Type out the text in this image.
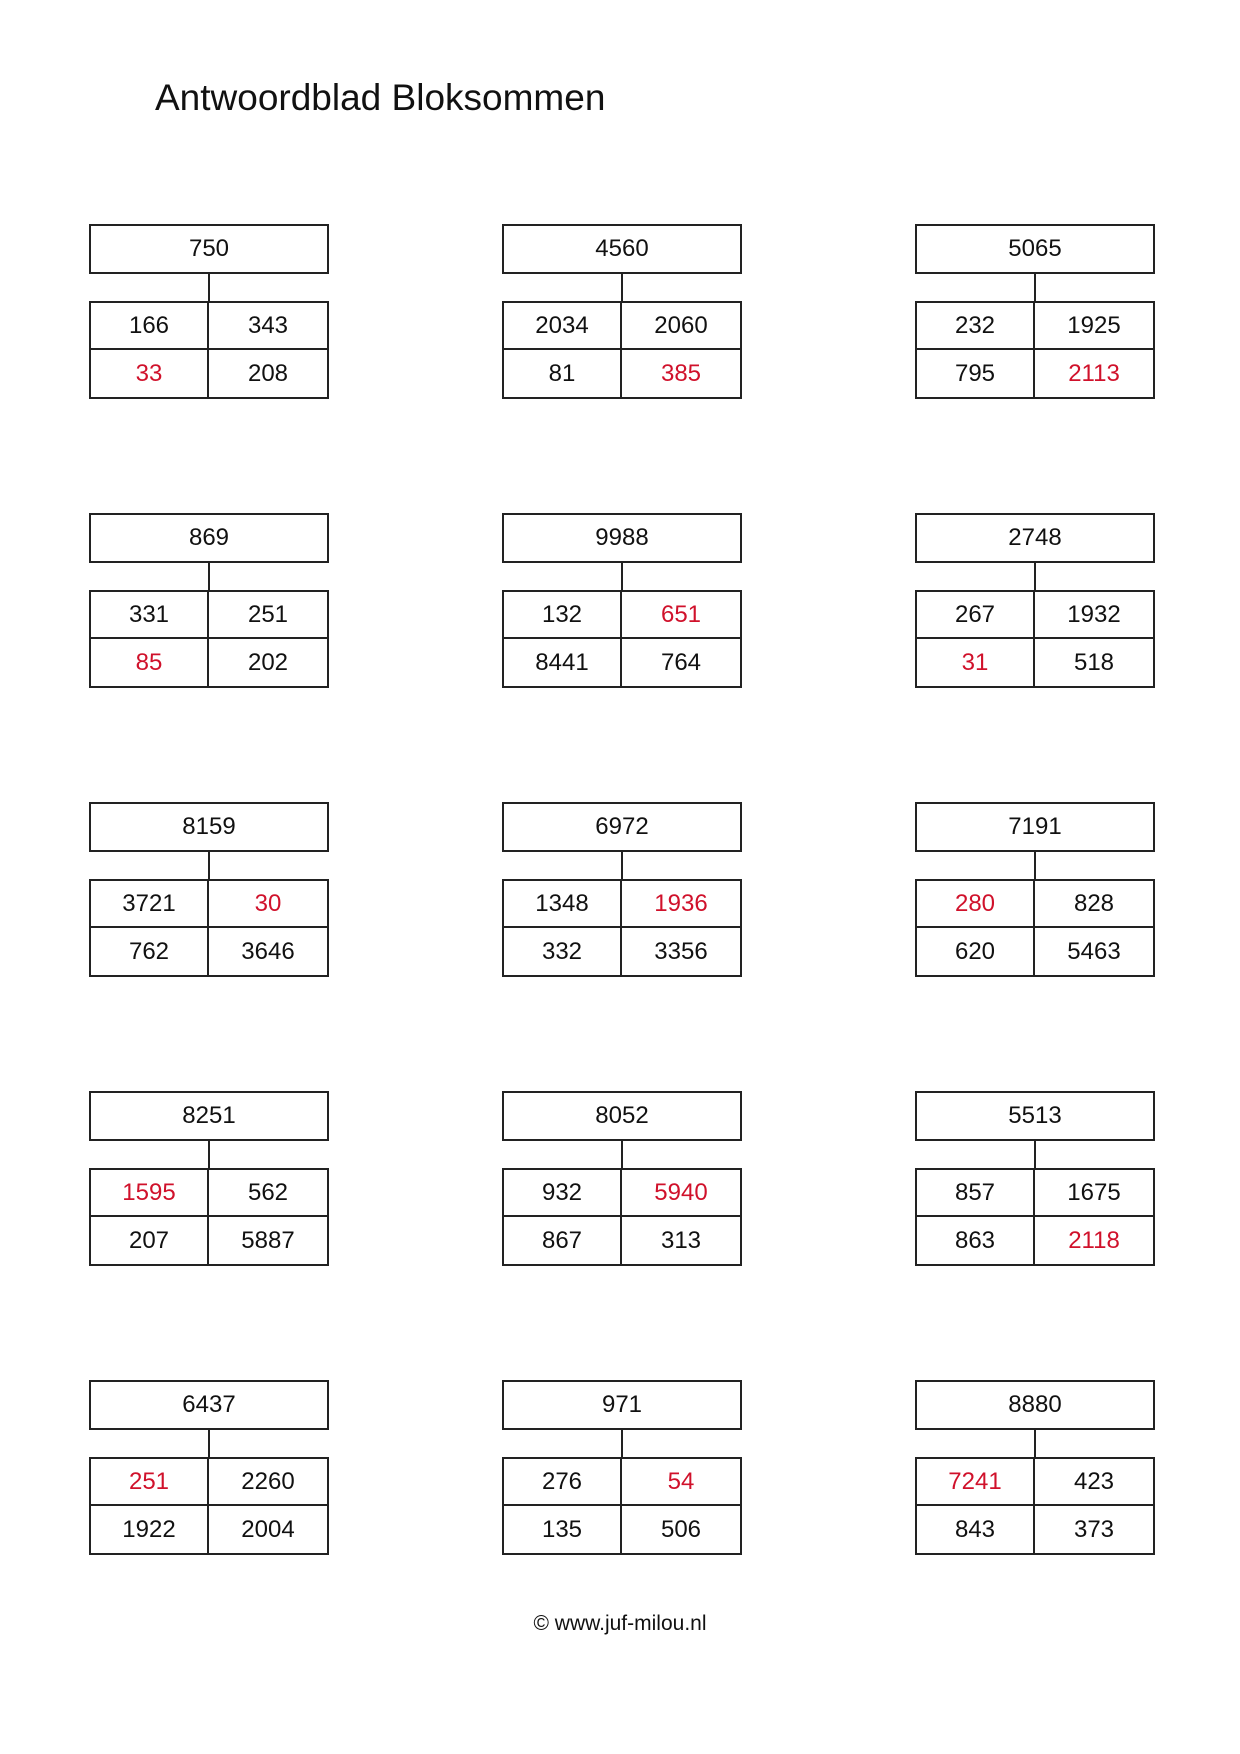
Antwoordblad Bloksommen
750
166	343
33	208
4560
2034	2060
81	385
5065
232	1925
795	2113
869
331	251
85	202
9988
132	651
8441	764
2748
267	1932
31	518
8159
3721	30
762	3646
6972
1348	1936
332	3356
7191
280	828
620	5463
8251
1595	562
207	5887
8052
932	5940
867	313
5513
857	1675
863	2118
6437
251	2260
1922	2004
971
276	54
135	506
8880
7241	423
843	373
© www.juf-milou.nl
